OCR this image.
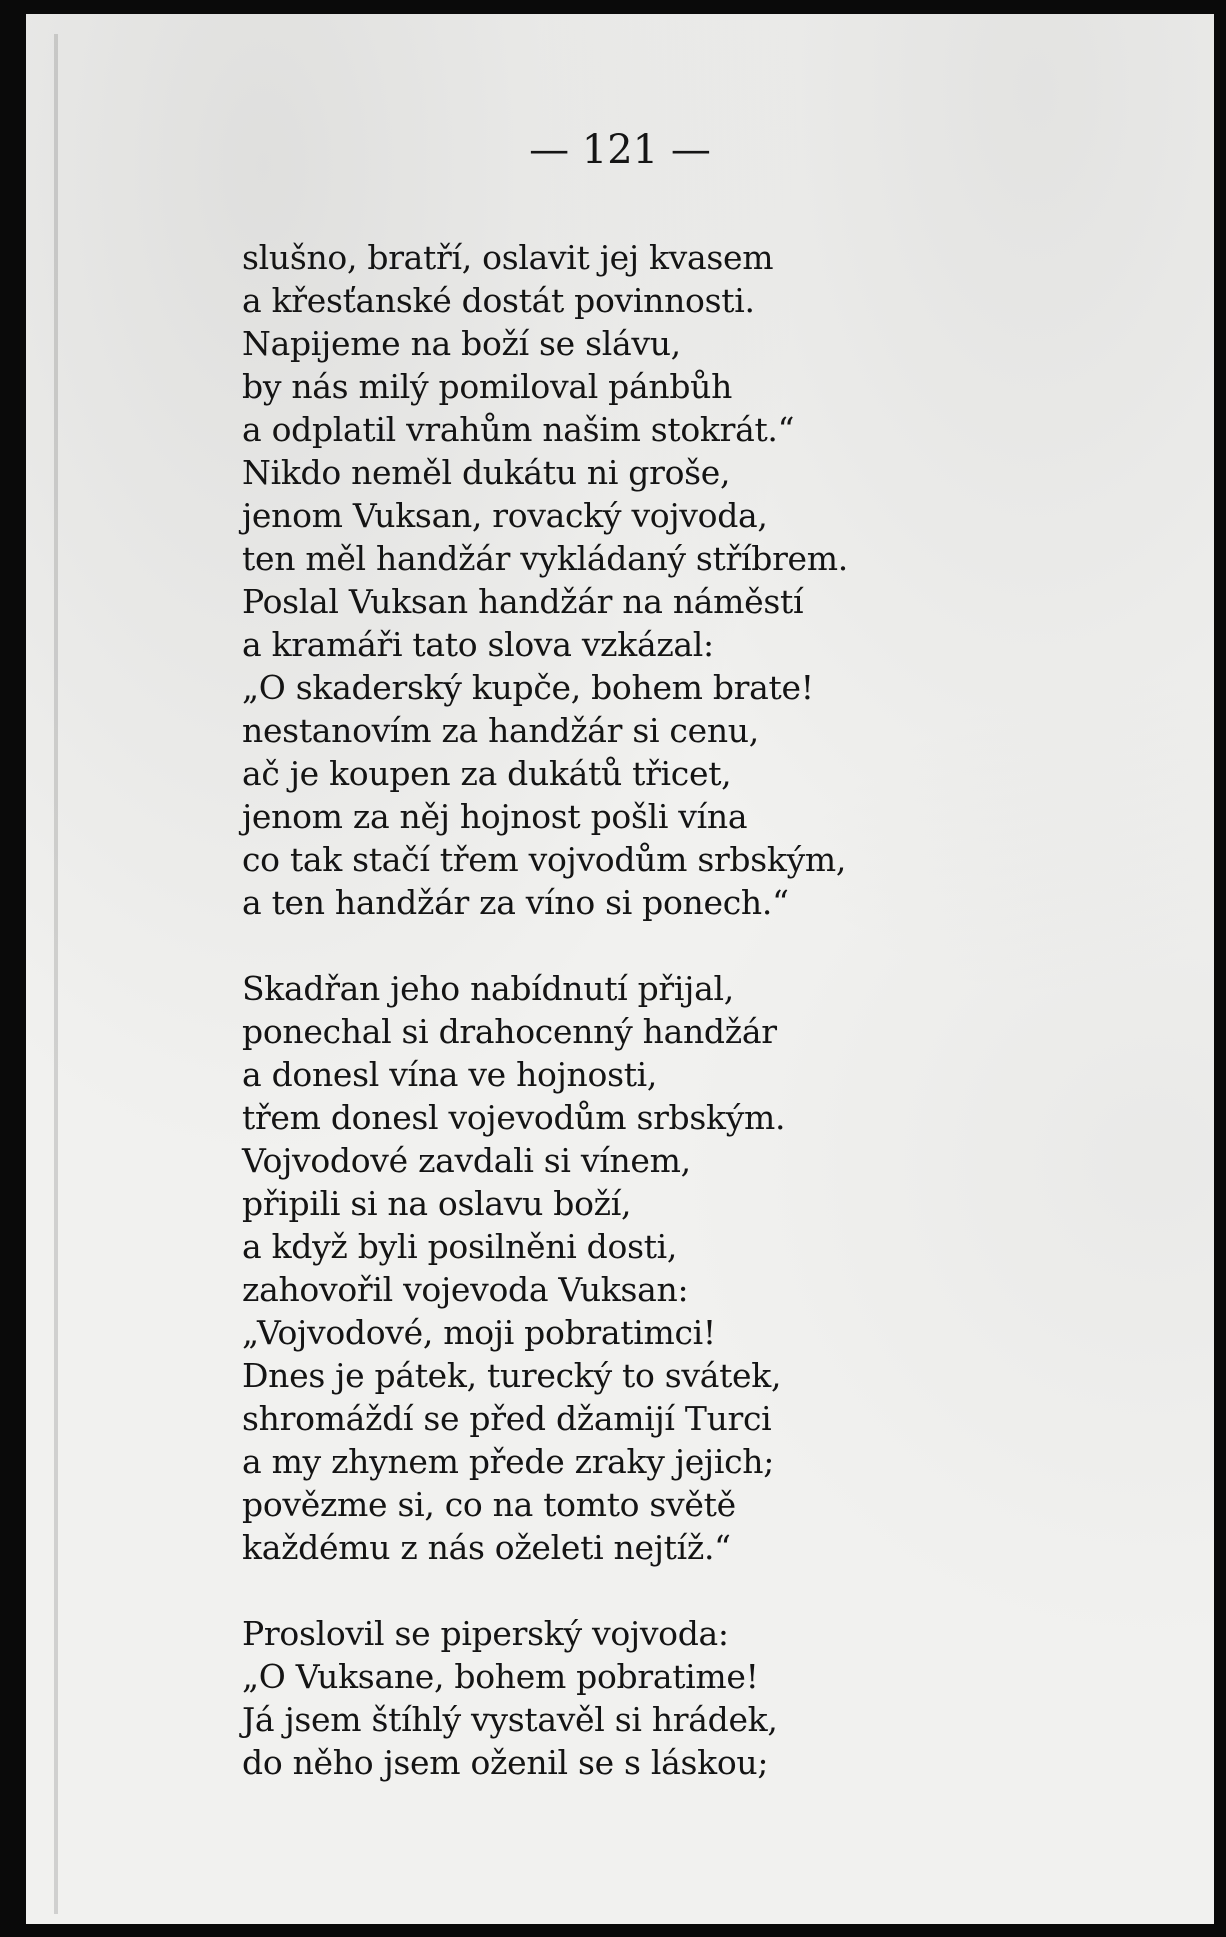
— 121 —
slušno, bratří, oslavit jej kvasem
a křesťanské dostát povinnosti.
Napijeme na boží se slávu,
by nás milý pomiloval pánbůh
a odplatil vrahům našim stokrát.“
Nikdo neměl dukátu ni groše,
jenom Vuksan, rovacký vojvoda,
ten měl handžár vykládaný stříbrem.
Poslal Vuksan handžár na náměstí
a kramáři tato slova vzkázal:
„O skaderský kupče, bohem brate!
nestanovím za handžár si cenu,
ač je koupen za dukátů třicet,
jenom za něj hojnost pošli vína
co tak stačí třem vojvodům srbským,
a ten handžár za víno si ponech.“
Skadřan jeho nabídnutí přijal,
ponechal si drahocenný handžár
a donesl vína ve hojnosti,
třem donesl vojevodům srbským.
Vojvodové zavdali si vínem,
připili si na oslavu boží,
a když byli posilněni dosti,
zahovořil vojevoda Vuksan:
„Vojvodové, moji pobratimci!
Dnes je pátek, turecký to svátek,
shromáždí se před džamijí Turci
a my zhynem přede zraky jejich;
povězme si, co na tomto světě
každému z nás oželeti nejtíž.“
Proslovil se piperský vojvoda:
„O Vuksane, bohem pobratime!
Já jsem štíhlý vystavěl si hrádek,
do něho jsem oženil se s láskou;
